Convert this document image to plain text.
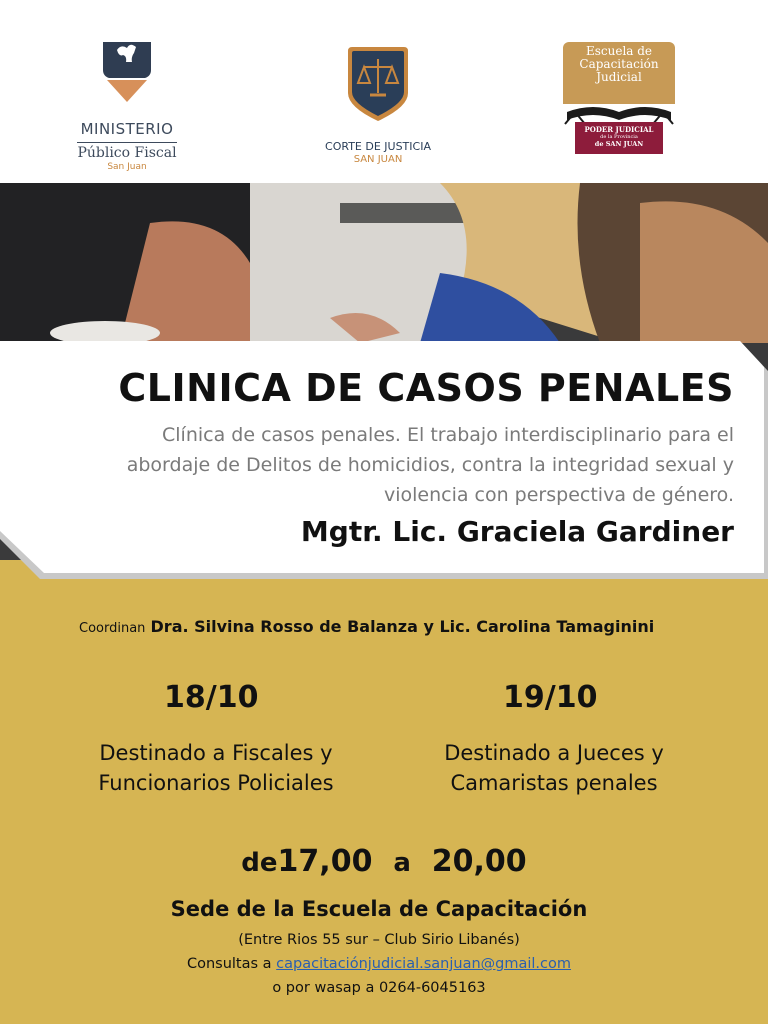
MINISTERIO
Público Fiscal
San Juan
CORTE DE JUSTICIA
SAN JUAN
Escuela de
Capacitación
Judicial
PODER JUDICIAL
de la Provincia
de SAN JUAN
CLINICA DE CASOS PENALES
Clínica de casos penales. El trabajo interdisciplinario para el
abordaje de Delitos de homicidios, contra la integridad sexual y
violencia con perspectiva de género.
Mgtr. Lic. Graciela Gardiner
Coordinan Dra. Silvina Rosso de Balanza y Lic. Carolina Tamaginini
18/10	19/10
Destinado a Fiscales y
Funcionarios Policiales
Destinado a Jueces y
Camaristas penales
de17,00 a 20,00
Sede de la Escuela de Capacitación
(Entre Rios 55 sur – Club Sirio Libanés)
Consultas a capacitaciónjudicial.sanjuan@gmail.com
o por wasap a 0264-6045163
